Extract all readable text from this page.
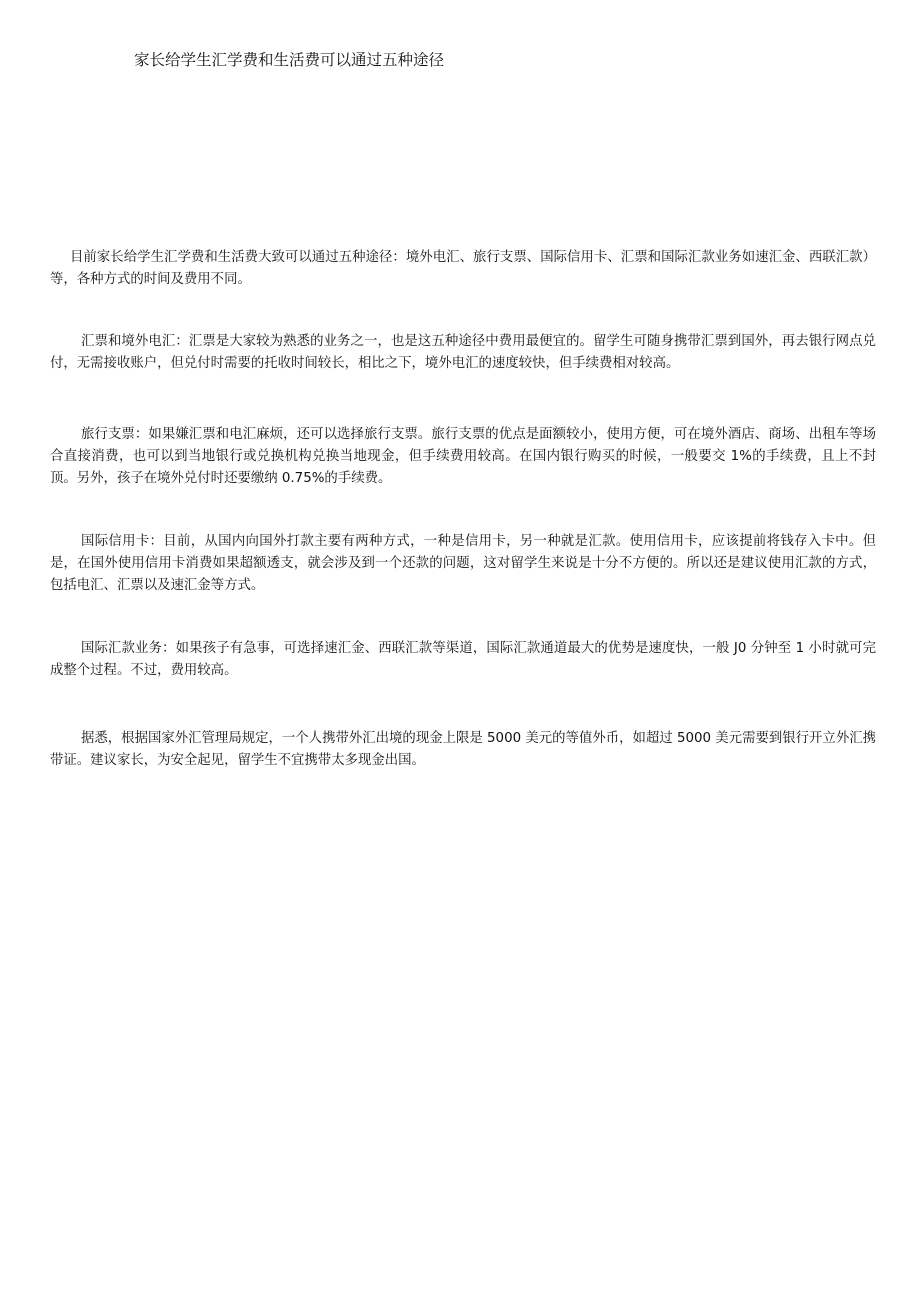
家长给学生汇学费和生活费可以通过五种途径

目前家长给学生汇学费和生活费大致可以通过五种途径：境外电汇、旅行支票、国际信用卡、汇票和国际汇款业务如速汇金、西联汇款）等，各种方式的时间及费用不同。

汇票和境外电汇：汇票是大家较为熟悉的业务之一，也是这五种途径中费用最便宜的。留学生可随身携带汇票到国外，再去银行网点兑付，无需接收账户，但兑付时需要的托收时间较长，相比之下，境外电汇的速度较快，但手续费相对较高。

旅行支票：如果嫌汇票和电汇麻烦，还可以选择旅行支票。旅行支票的优点是面额较小，使用方便，可在境外酒店、商场、出租车等场合直接消费，也可以到当地银行或兑换机构兑换当地现金，但手续费用较高。在国内银行购买的时候，一般要交 1%的手续费，且上不封顶。另外，孩子在境外兑付时还要缴纳 0.75%的手续费。

国际信用卡：目前，从国内向国外打款主要有两种方式，一种是信用卡，另一种就是汇款。使用信用卡，应该提前将钱存入卡中。但是，在国外使用信用卡消费如果超额透支，就会涉及到一个还款的问题，这对留学生来说是十分不方便的。所以还是建议使用汇款的方式，包括电汇、汇票以及速汇金等方式。

国际汇款业务：如果孩子有急事，可选择速汇金、西联汇款等渠道，国际汇款通道最大的优势是速度快，一般 J0 分钟至 1 小时就可完成整个过程。不过，费用较高。

据悉，根据国家外汇管理局规定，一个人携带外汇出境的现金上限是 5000 美元的等值外币，如超过 5000 美元需要到银行开立外汇携带证。建议家长，为安全起见，留学生不宜携带太多现金出国。
